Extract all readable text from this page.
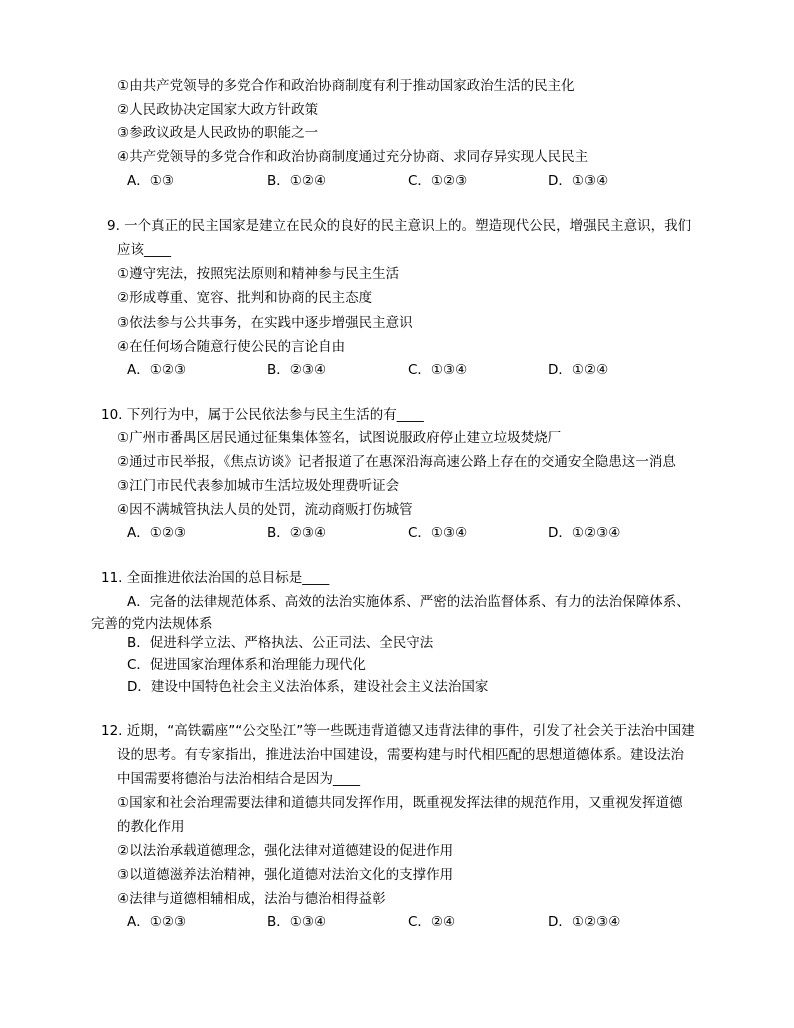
①由共产党领导的多党合作和政治协商制度有利于推动国家政治生活的民主化
②人民政协决定国家大政方针政策
③参政议政是人民政协的职能之一
④共产党领导的多党合作和政治协商制度通过充分协商、求同存异实现人民民主
A．①③	B．①②④	C．①②③	D．①③④
9. 一个真正的民主国家是建立在民众的良好的民主意识上的。塑造现代公民，增强民主意识，我们
应该____
①遵守宪法，按照宪法原则和精神参与民主生活
②形成尊重、宽容、批判和协商的民主态度
③依法参与公共事务，在实践中逐步增强民主意识
④在任何场合随意行使公民的言论自由
A．①②③	B．②③④	C．①③④	D．①②④
10. 下列行为中，属于公民依法参与民主生活的有____
①广州市番禺区居民通过征集集体签名，试图说服政府停止建立垃圾焚烧厂
②通过市民举报，《焦点访谈》记者报道了在惠深沿海高速公路上存在的交通安全隐患这一消息
③江门市民代表参加城市生活垃圾处理费听证会
④因不满城管执法人员的处罚，流动商贩打伤城管
A．①②③	B．②③④	C．①③④	D．①②③④
11. 全面推进依法治国的总目标是____
A．完备的法律规范体系、高效的法治实施体系、严密的法治监督体系、有力的法治保障体系、
完善的党内法规体系
B．促进科学立法、严格执法、公正司法、全民守法
C．促进国家治理体系和治理能力现代化
D．建设中国特色社会主义法治体系，建设社会主义法治国家
12. 近期，“高铁霸座”“公交坠江”等一些既违背道德又违背法律的事件，引发了社会关于法治中国建
设的思考。有专家指出，推进法治中国建设，需要构建与时代相匹配的思想道德体系。建设法治
中国需要将德治与法治相结合是因为____
①国家和社会治理需要法律和道德共同发挥作用，既重视发挥法律的规范作用，又重视发挥道德
的教化作用
②以法治承载道德理念，强化法律对道德建设的促进作用
③以道德滋养法治精神，强化道德对法治文化的支撑作用
④法律与道德相辅相成，法治与德治相得益彰
A．①②③	B．①③④	C．②④	D．①②③④
